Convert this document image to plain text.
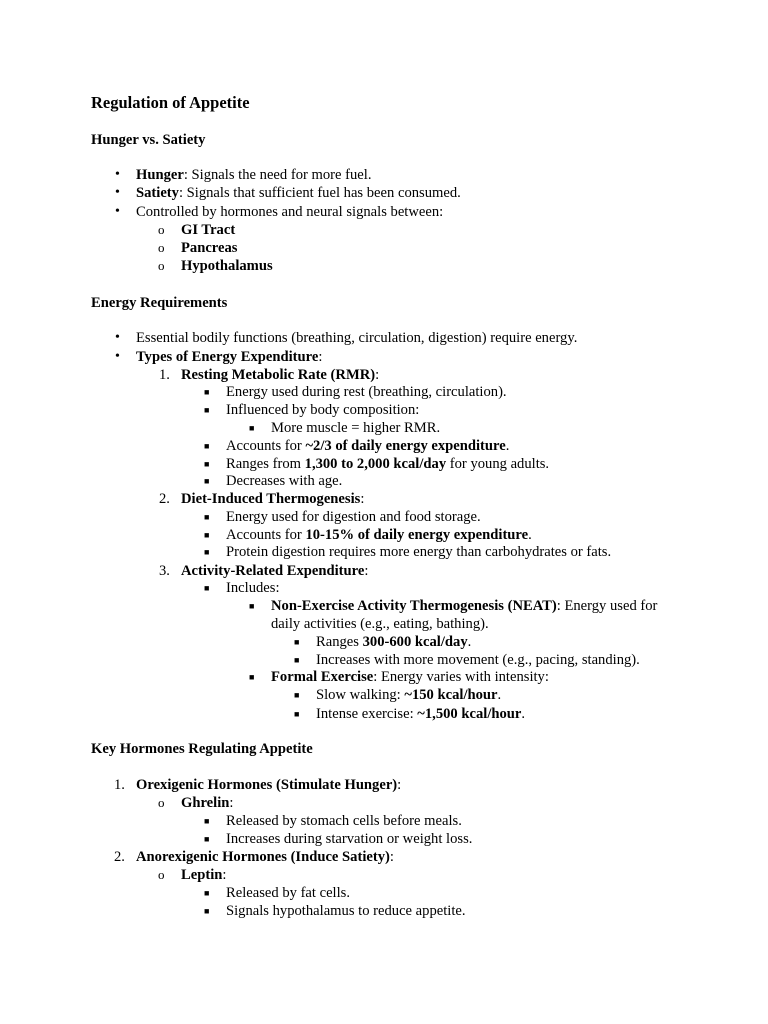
Regulation of Appetite
Hunger vs. Satiety
• Hunger: Signals the need for more fuel.
• Satiety: Signals that sufficient fuel has been consumed.
• Controlled by hormones and neural signals between:
o GI Tract
o Pancreas
o Hypothalamus
Energy Requirements
• Essential bodily functions (breathing, circulation, digestion) require energy.
• Types of Energy Expenditure:
1. Resting Metabolic Rate (RMR):
■ Energy used during rest (breathing, circulation).
■ Influenced by body composition:
■ More muscle = higher RMR.
■ Accounts for ~2/3 of daily energy expenditure.
■ Ranges from 1,300 to 2,000 kcal/day for young adults.
■ Decreases with age.
2. Diet-Induced Thermogenesis:
■ Energy used for digestion and food storage.
■ Accounts for 10-15% of daily energy expenditure.
■ Protein digestion requires more energy than carbohydrates or fats.
3. Activity-Related Expenditure:
■ Includes:
■ Non-Exercise Activity Thermogenesis (NEAT): Energy used for
daily activities (e.g., eating, bathing).
■ Ranges 300-600 kcal/day.
■ Increases with more movement (e.g., pacing, standing).
■ Formal Exercise: Energy varies with intensity:
■ Slow walking: ~150 kcal/hour.
■ Intense exercise: ~1,500 kcal/hour.
Key Hormones Regulating Appetite
1. Orexigenic Hormones (Stimulate Hunger):
o Ghrelin:
■ Released by stomach cells before meals.
■ Increases during starvation or weight loss.
2. Anorexigenic Hormones (Induce Satiety):
o Leptin:
■ Released by fat cells.
■ Signals hypothalamus to reduce appetite.
